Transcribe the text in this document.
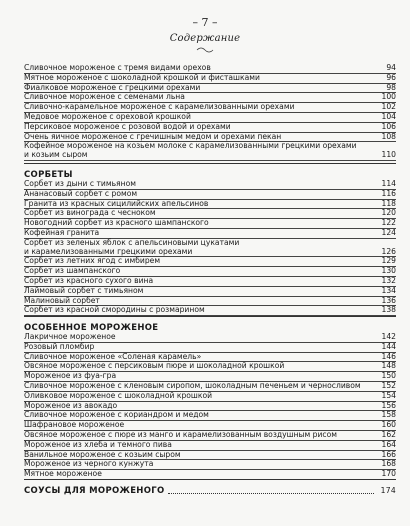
– 7 –
Содержание
Сливочное мороженое с тремя видами орехов	94
Мятное мороженое с шоколадной крошкой и фисташками	96
Фиалковое мороженое с грецкими орехами	98
Сливочное мороженое с семенами льна	100
Сливочно-карамельное мороженое с карамелизованными орехами	102
Медовое мороженое с ореховой крошкой	104
Персиковое мороженое с розовой водой и орехами	106
Очень яичное мороженое с гречишным медом и орехами пекан	108
Кофейное мороженое на козьем молоке с карамелизованными грецкими орехами
и козьим сыром	110
СОРБЕТЫ
Сорбет из дыни с тимьяном	114
Ананасовый сорбет с ромом	116
Гранита из красных сицилийских апельсинов	118
Сорбет из винограда с чесноком	120
Новогодний сорбет из красного шампанского	122
Кофейная гранита	124
Сорбет из зеленых яблок с апельсиновыми цукатами
и карамелизованными грецкими орехами	126
Сорбет из летних ягод с имбирем	129
Сорбет из шампанского	130
Сорбет из красного сухого вина	132
Лаймовый сорбет с тимьяном	134
Малиновый сорбет	136
Сорбет из красной смородины с розмарином	138
ОСОБЕННОЕ МОРОЖЕНОЕ
Лакричное мороженое	142
Розовый пломбир	144
Сливочное мороженое «Соленая карамель»	146
Овсяное мороженое с персиковым пюре и шоколадной крошкой	148
Мороженое из фуа-гра	150
Сливочное мороженое с кленовым сиропом, шоколадным печеньем и черносливом	152
Оливковое мороженое с шоколадной крошкой	154
Мороженое из авокадо	156
Сливочное мороженое с кориандром и медом	158
Шафрановое мороженое	160
Овсяное мороженое с пюре из манго и карамелизованным воздушным рисом	162
Мороженое из хлеба и темного пива	164
Ванильное мороженое с козьим сыром	166
Мороженое из черного кунжута	168
Мятное мороженое	170
СОУСЫ ДЛЯ МОРОЖЕНОГО	174
